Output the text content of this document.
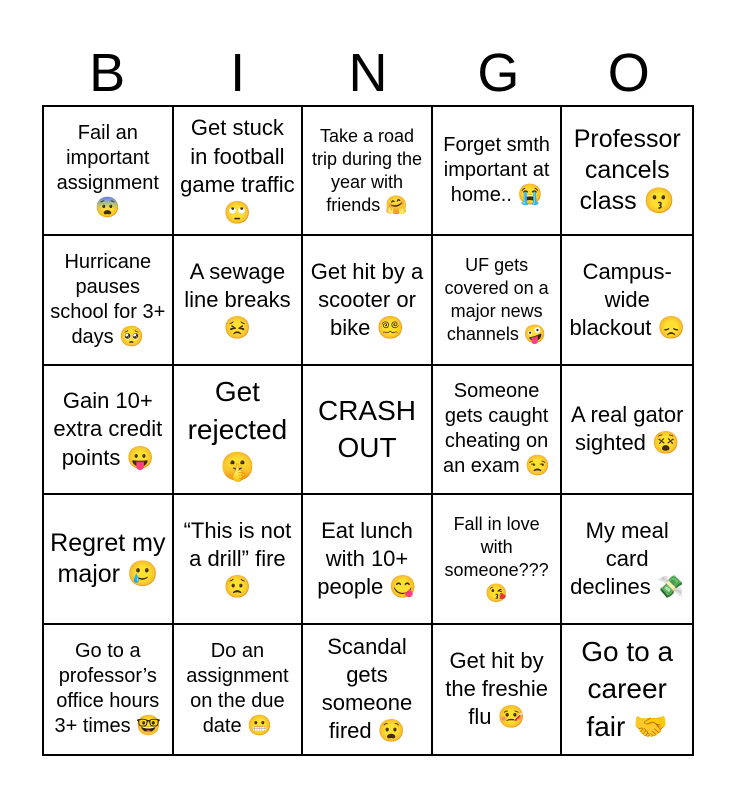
B	I	N	G	O
Fail an important assignment 😨
Get stuck in football game traffic 🙄
Take a road trip during the year with friends 🤗
Forget smth important at home.. 😭
Professor cancels class 😗
Hurricane pauses school for 3+ days 🥺
A sewage line breaks 😣
Get hit by a scooter or bike 😵‍💫
UF gets covered on a major news channels 🤪
Campus-wide blackout 😞
Gain 10+ extra credit points 😛
Get rejected 🤫
CRASH OUT
Someone gets caught cheating on an exam 😒
A real gator sighted 😵
Regret my major 🥲
“This is not a drill” fire 😟
Eat lunch with 10+ people 😋
Fall in love with someone??? 😘
My meal card declines 💸
Go to a professor’s office hours 3+ times 🤓
Do an assignment on the due date 😬
Scandal gets someone fired 😧
Get hit by the freshie flu 🤒
Go to a career fair 🤝
